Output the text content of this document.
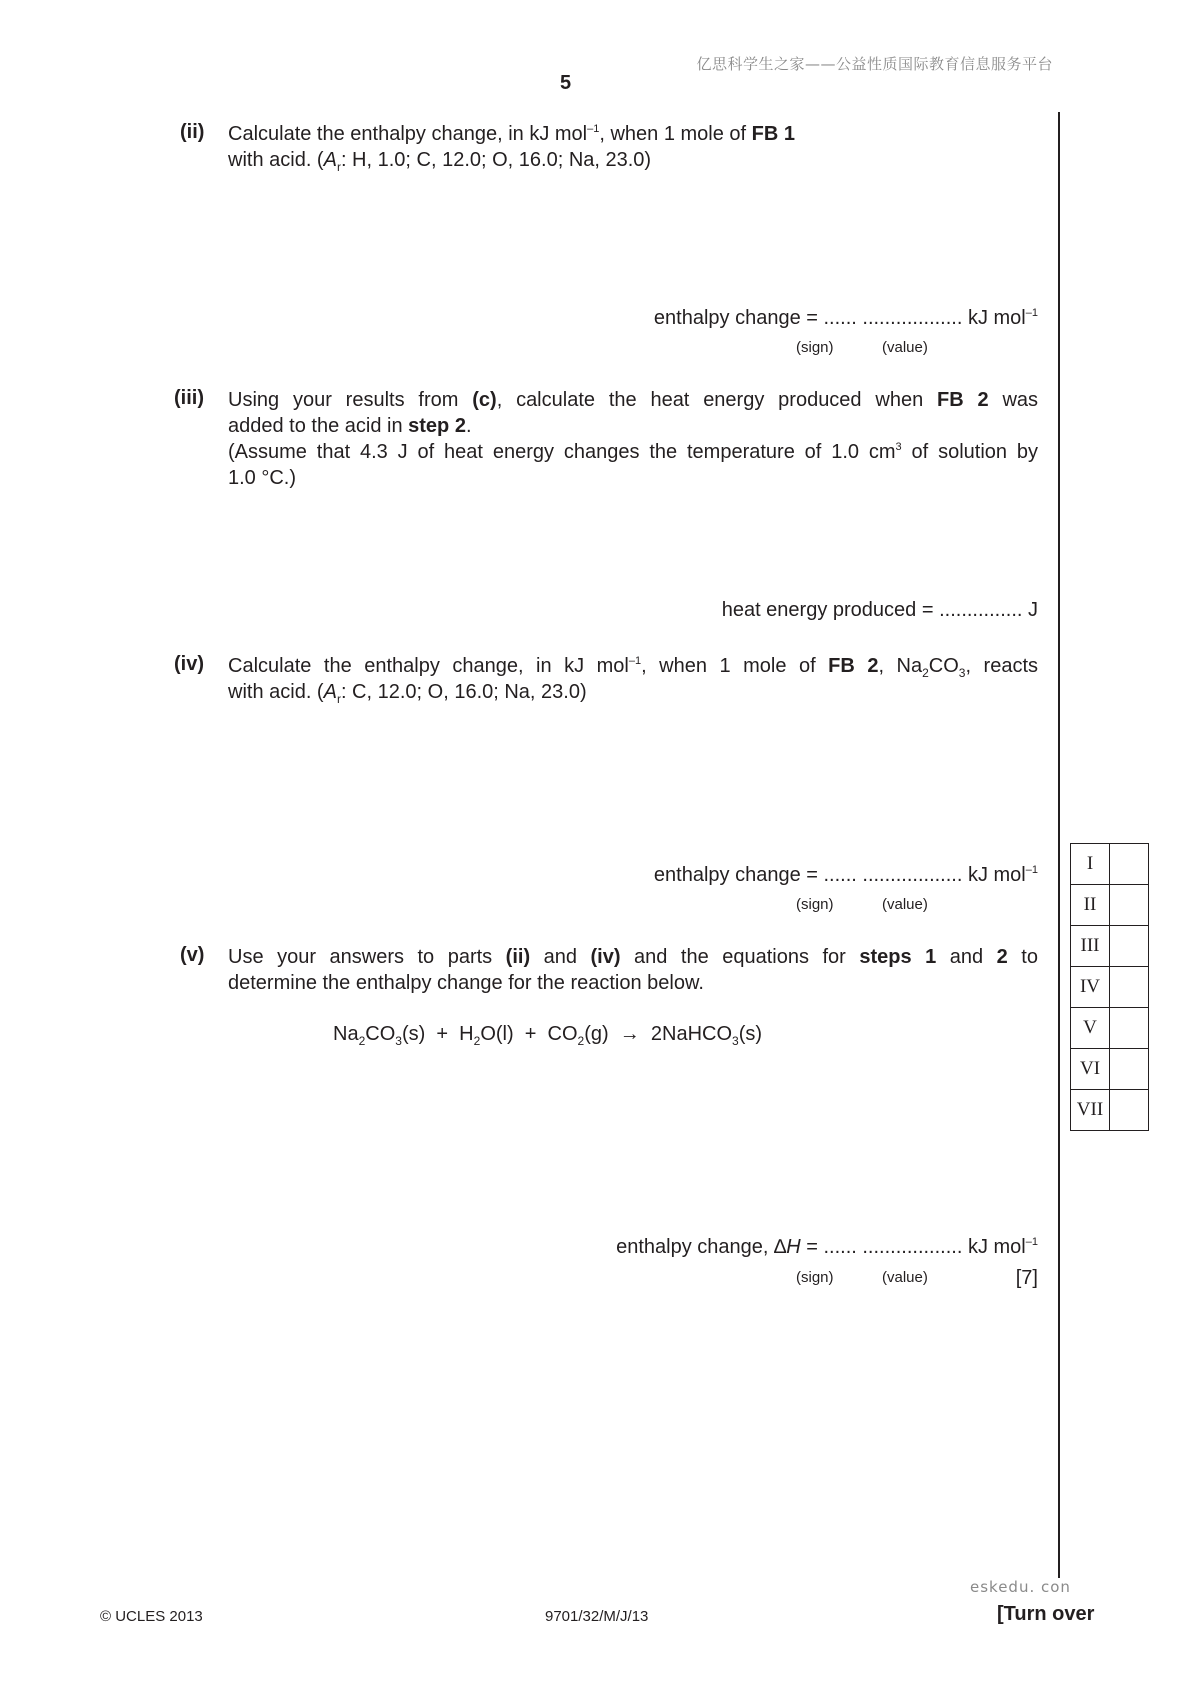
亿思科学生之家——公益性质国际教育信息服务平台
5
(ii) Calculate the enthalpy change, in kJ mol$^{-1}$, when 1 mole of FB 1
with acid. ($A_r$: H, 1.0; C, 12.0; O, 16.0; Na, 23.0)
enthalpy change = ...... .................. kJ mol$^{-1}$
(sign)	(value)
(iii) Using your results from (c), calculate the heat energy produced when FB 2 was
added to the acid in step 2.
(Assume that 4.3 J of heat energy changes the temperature of 1.0 $cm^3$ of solution by
1.0 °C.)
heat energy produced = ............... J
(iv) Calculate the enthalpy change, in kJ mol$^{-1}$, when 1 mole of FB 2, $Na_2CO_3$, reacts
with acid. ($A_r$: C, 12.0; O, 16.0; Na, 23.0)
enthalpy change = ...... .................. kJ mol$^{-1}$
(sign)	(value)
(v) Use your answers to parts (ii) and (iv) and the equations for steps 1 and 2 to
determine the enthalpy change for the reaction below.
$Na_2CO_3(s) + H_2O(l) + CO_2(g)$  →  2NaHCO$_3$(s)
enthalpy change, ∆H = ...... .................. kJ mol$^{-1}$
(sign)	(value)	[7]
I	
II	
III	
IV	
V	
VI	
VII	
eskedu. con
© UCLES 2013	9701/32/M/J/13	[Turn over
